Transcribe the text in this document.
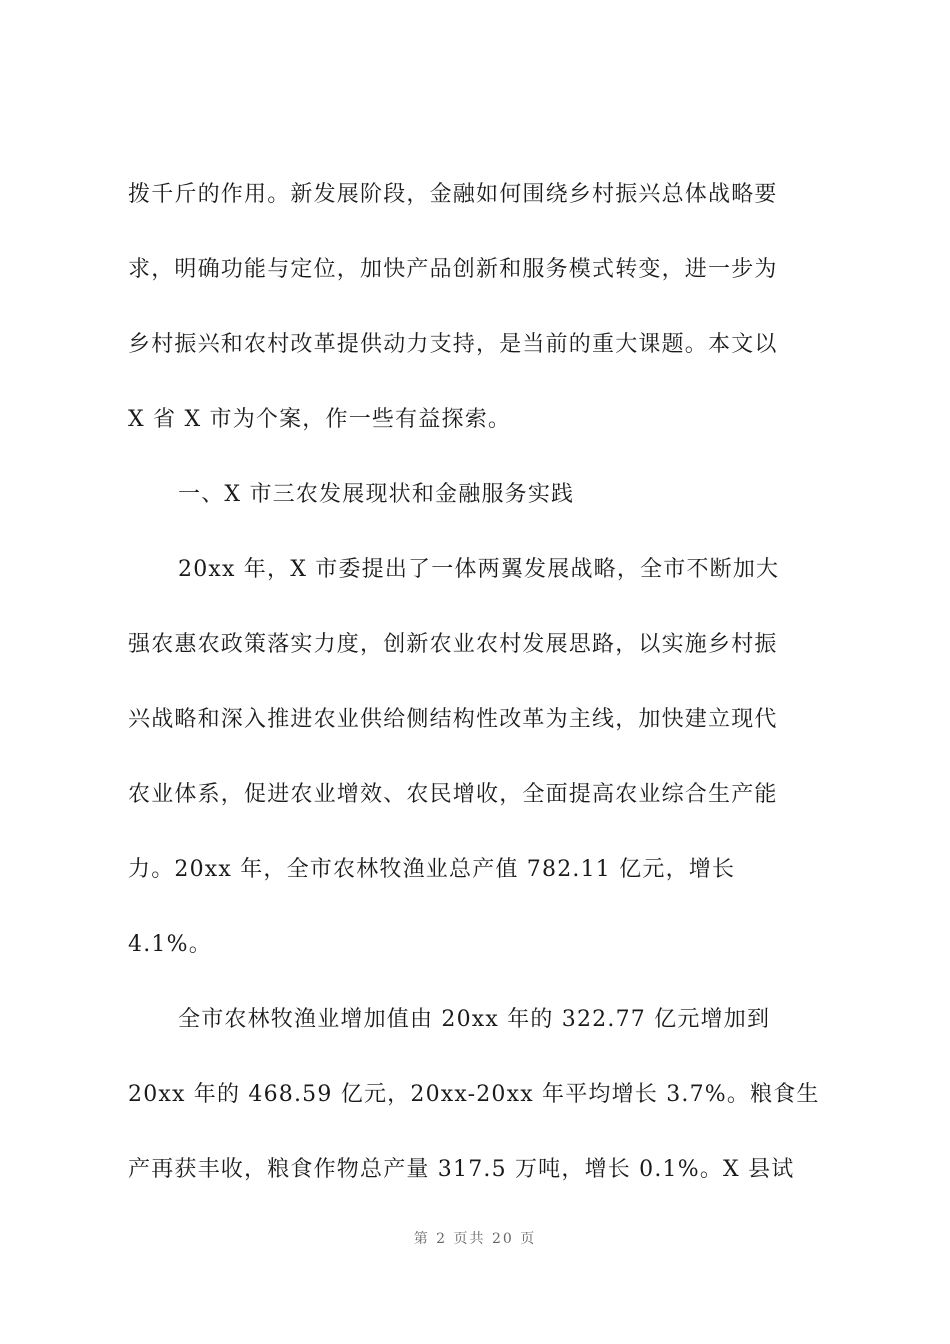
拨千斤的作用。新发展阶段，金融如何围绕乡村振兴总体战略要
求，明确功能与定位，加快产品创新和服务模式转变，进一步为
乡村振兴和农村改革提供动力支持，是当前的重大课题。本文以
X 省 X 市为个案，作一些有益探索。
一、X 市三农发展现状和金融服务实践
20xx 年，X 市委提出了一体两翼发展战略，全市不断加大
强农惠农政策落实力度，创新农业农村发展思路，以实施乡村振
兴战略和深入推进农业供给侧结构性改革为主线，加快建立现代
农业体系，促进农业增效、农民增收，全面提高农业综合生产能
力。20xx 年，全市农林牧渔业总产值 782.11 亿元，增长
4.1%。
全市农林牧渔业增加值由 20xx 年的 322.77 亿元增加到
20xx 年的 468.59 亿元，20xx-20xx 年平均增长 3.7%。粮食生
产再获丰收，粮食作物总产量 317.5 万吨，增长 0.1%。X 县试
第 2 页共 20 页
